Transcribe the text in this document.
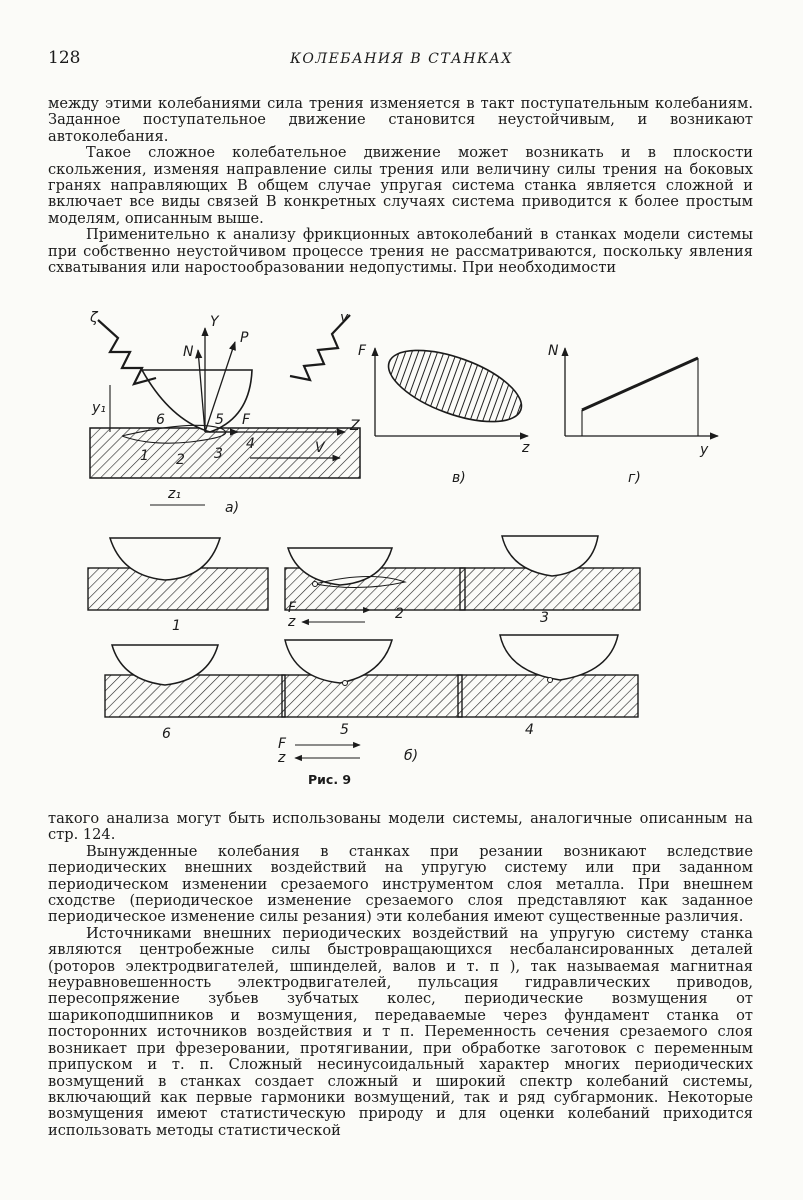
128	КОЛЕБАНИЯ В СТАНКАХ

между этими колебаниями сила трения изменяется в такт поступательным колебаниям. Заданное поступательное движение становится неустойчивым, и возникают автоколебания.

Такое сложное колебательное движение может возникать и в плоскости скольжения, изменяя направление силы трения или величину силы трения на боковых гранях направляющих В общем случае упругая система станка является сложной и включает все виды связей В конкретных случаях система приводится к более простым моделям, описанным выше.

Применительно к анализу фрикционных автоколебаний в станках модели системы при собственно неустойчивом процессе трения не рассматриваются, поскольку явления схватывания или наростообразовании недопустимы. При необходимости

ζ	Y
N
P
y
y₁
Z
F
V
z₁
1 2 3
4
5
6
а)
F
z
в)
N
y
г)
1
2	3
6	5	4
F
z
F
z	б)
Рис. 9

такого анализа могут быть использованы модели системы, аналогичные описанным на стр. 124.

Вынужденные колебания в станках при резании возникают вследствие периодических внешних воздействий на упругую систему или при заданном периодическом изменении срезаемого инструментом слоя металла. При внешнем сходстве (периодическое изменение срезаемого слоя представляют как заданное периодическое изменение силы резания) эти колебания имеют существенные различия.

Источниками внешних периодических воздействий на упругую систему станка являются центробежные силы быстровращающихся несбалансированных деталей (роторов электродвигателей, шпинделей, валов и т. п ), так называемая магнитная неуравновешенность электродвигателей, пульсация гидравлических приводов, пересопряжение зубьев зубчатых колес, периодические возмущения от шарикоподшипников и возмущения, передаваемые через фундамент станка от посторонних источников воздействия и т п. Переменность сечения срезаемого слоя возникает при фрезеровании, протягивании, при обработке заготовок с переменным припуском и т. п. Сложный несинусоидальный характер многих периодических возмущений в станках создает сложный и широкий спектр колебаний системы, включающий как первые гармоники возмущений, так и ряд субгармоник. Некоторые возмущения имеют статистическую природу и для оценки колебаний приходится использовать методы статистической
